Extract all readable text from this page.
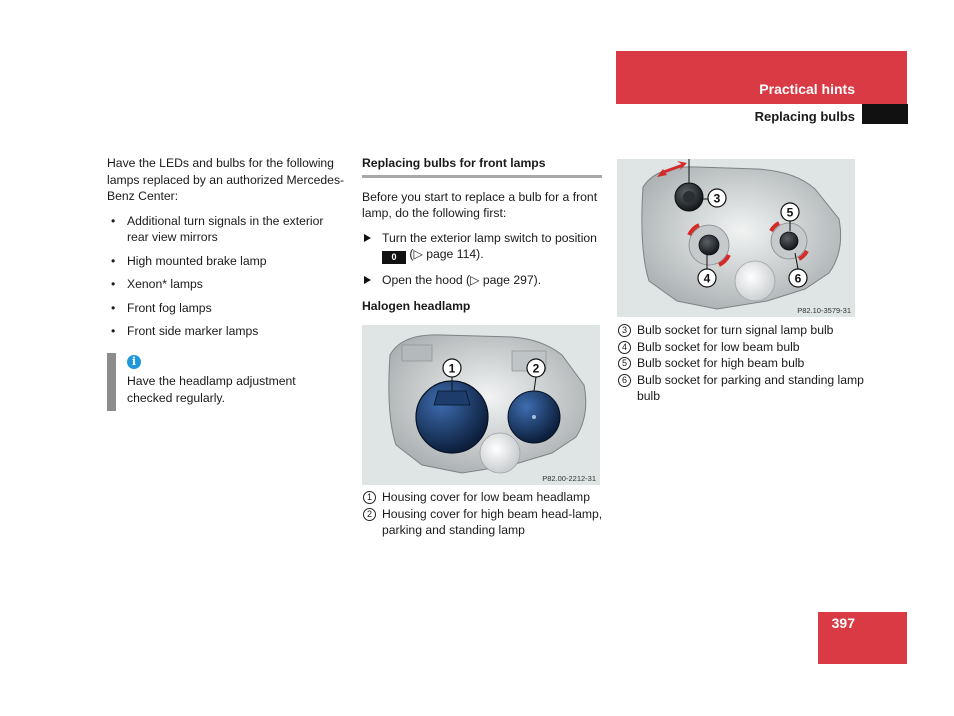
Practical hints
Replacing bulbs

Have the LEDs and bulbs for the following lamps replaced by an authorized Mercedes-Benz Center:

• Additional turn signals in the exterior rear view mirrors
• High mounted brake lamp
• Xenon* lamps
• Front fog lamps
• Front side marker lamps
i
Have the headlamp adjustment checked regularly.
Replacing bulbs for front lamps

Before you start to replace a bulb for a front lamp, do the following first:

Turn the exterior lamp switch to position 0 (▷ page 114).
Open the hood (▷ page 297).
Halogen headlamp
1	2
P82.00-2212-31

1 Housing cover for low beam headlamp

2 Housing cover for high beam head-lamp, parking and standing lamp

3
4
5
6
P82.10-3579-31

3 Bulb socket for turn signal lamp bulb

4 Bulb socket for low beam bulb

5 Bulb socket for high beam bulb

6 Bulb socket for parking and standing lamp bulb

397
